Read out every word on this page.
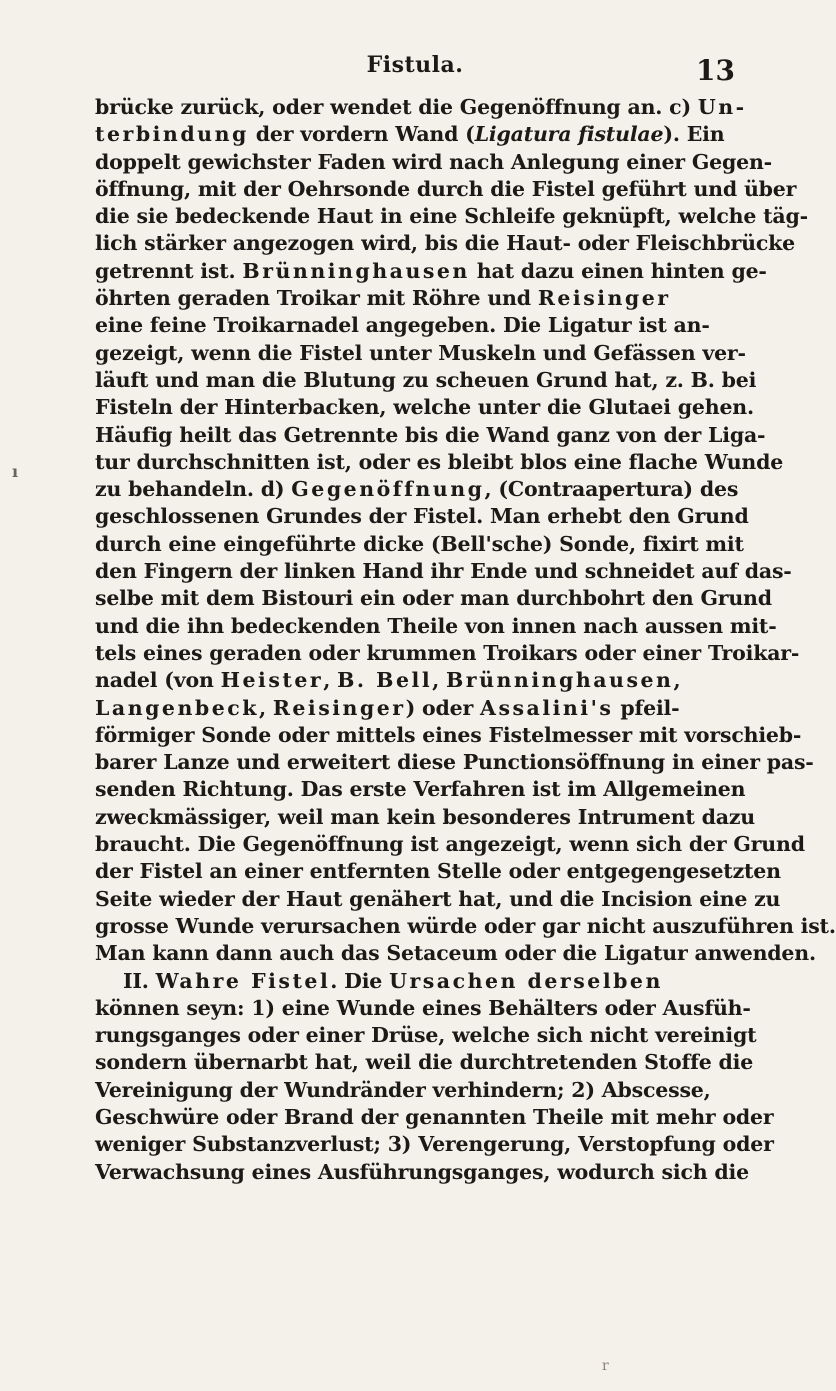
Fistula.	13
ı
brücke zurück, oder wendet die Gegenöffnung an. c) Un-
terbindung der vordern Wand (Ligatura fistulae). Ein
doppelt gewichster Faden wird nach Anlegung einer Gegen-
öffnung, mit der Oehrsonde durch die Fistel geführt und über
die sie bedeckende Haut in eine Schleife geknüpft, welche täg-
lich stärker angezogen wird, bis die Haut- oder Fleischbrücke
getrennt ist. Brünninghausen hat dazu einen hinten ge-
öhrten geraden Troikar mit Röhre und Reisinger
eine feine Troikarnadel angegeben. Die Ligatur ist an-
gezeigt, wenn die Fistel unter Muskeln und Gefässen ver-
läuft und man die Blutung zu scheuen Grund hat, z. B. bei
Fisteln der Hinterbacken, welche unter die Glutaei gehen.
Häufig heilt das Getrennte bis die Wand ganz von der Liga-
tur durchschnitten ist, oder es bleibt blos eine flache Wunde
zu behandeln. d) Gegenöffnung, (Contraapertura) des
geschlossenen Grundes der Fistel. Man erhebt den Grund
durch eine eingeführte dicke (Bell'sche) Sonde, fixirt mit
den Fingern der linken Hand ihr Ende und schneidet auf das-
selbe mit dem Bistouri ein oder man durchbohrt den Grund
und die ihn bedeckenden Theile von innen nach aussen mit-
tels eines geraden oder krummen Troikars oder einer Troikar-
nadel (von Heister, B. Bell, Brünninghausen,
Langenbeck, Reisinger) oder Assalini's pfeil-
förmiger Sonde oder mittels eines Fistelmesser mit vorschieb-
barer Lanze und erweitert diese Punctionsöffnung in einer pas-
senden Richtung. Das erste Verfahren ist im Allgemeinen
zweckmässiger, weil man kein besonderes Intrument dazu
braucht. Die Gegenöffnung ist angezeigt, wenn sich der Grund
der Fistel an einer entfernten Stelle oder entgegengesetzten
Seite wieder der Haut genähert hat, und die Incision eine zu
grosse Wunde verursachen würde oder gar nicht auszuführen ist.
Man kann dann auch das Setaceum oder die Ligatur anwenden.
II. Wahre Fistel. Die Ursachen derselben
können seyn: 1) eine Wunde eines Behälters oder Ausfüh-
rungsganges oder einer Drüse, welche sich nicht vereinigt
sondern übernarbt hat, weil die durchtretenden Stoffe die
Vereinigung der Wundränder verhindern; 2) Abscesse,
Geschwüre oder Brand der genannten Theile mit mehr oder
weniger Substanzverlust; 3) Verengerung, Verstopfung oder
Verwachsung eines Ausführungsganges, wodurch sich die
r
